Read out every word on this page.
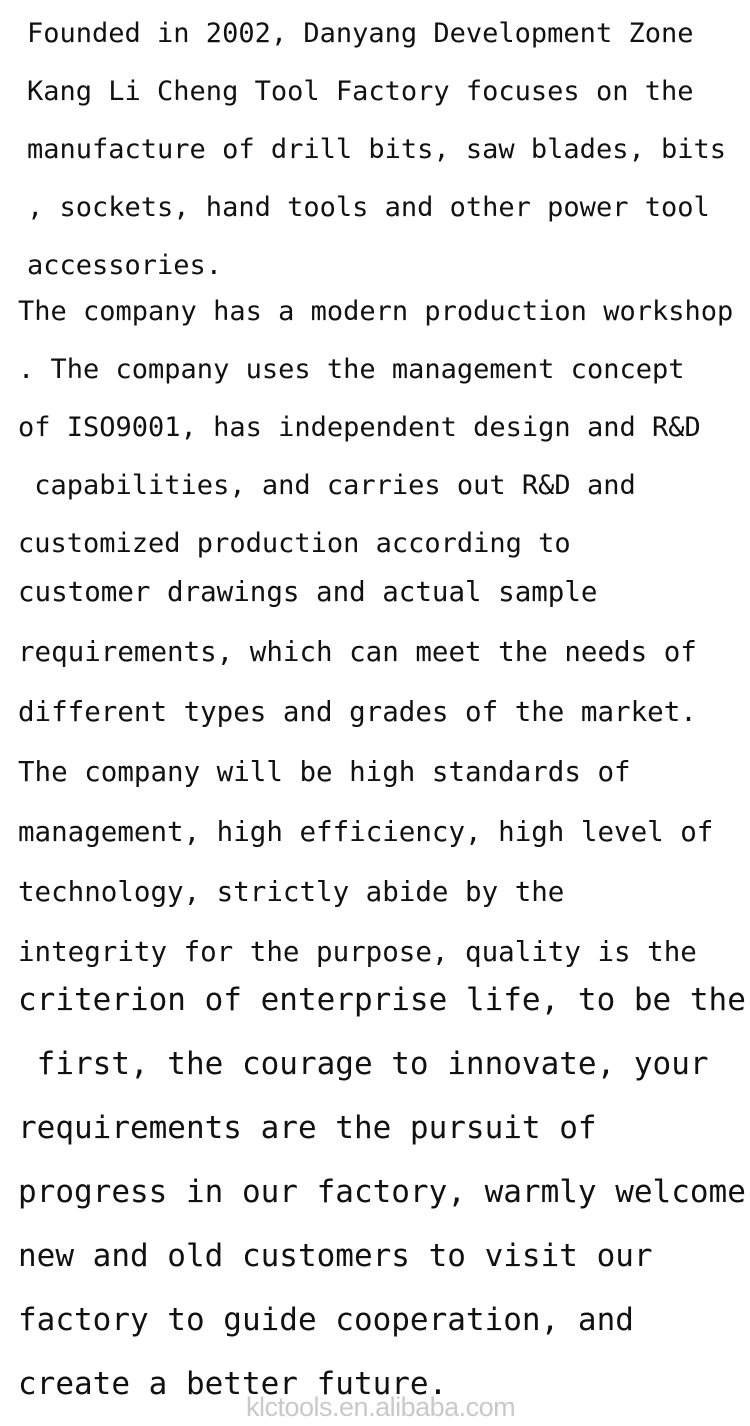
Founded in 2002, Danyang Development Zone
Kang Li Cheng Tool Factory focuses on the
manufacture of drill bits, saw blades, bits
, sockets, hand tools and other power tool
accessories.
The company has a modern production workshop
. The company uses the management concept
of ISO9001, has independent design and R&D
capabilities, and carries out R&D and
customized production according to
customer drawings and actual sample
requirements, which can meet the needs of
different types and grades of the market.
The company will be high standards of
management, high efficiency, high level of
technology, strictly abide by the
integrity for the purpose, quality is the
criterion of enterprise life, to be the
first, the courage to innovate, your
requirements are the pursuit of
progress in our factory, warmly welcome
new and old customers to visit our
factory to guide cooperation, and
create a better future.
klctools.en.alibaba.com
